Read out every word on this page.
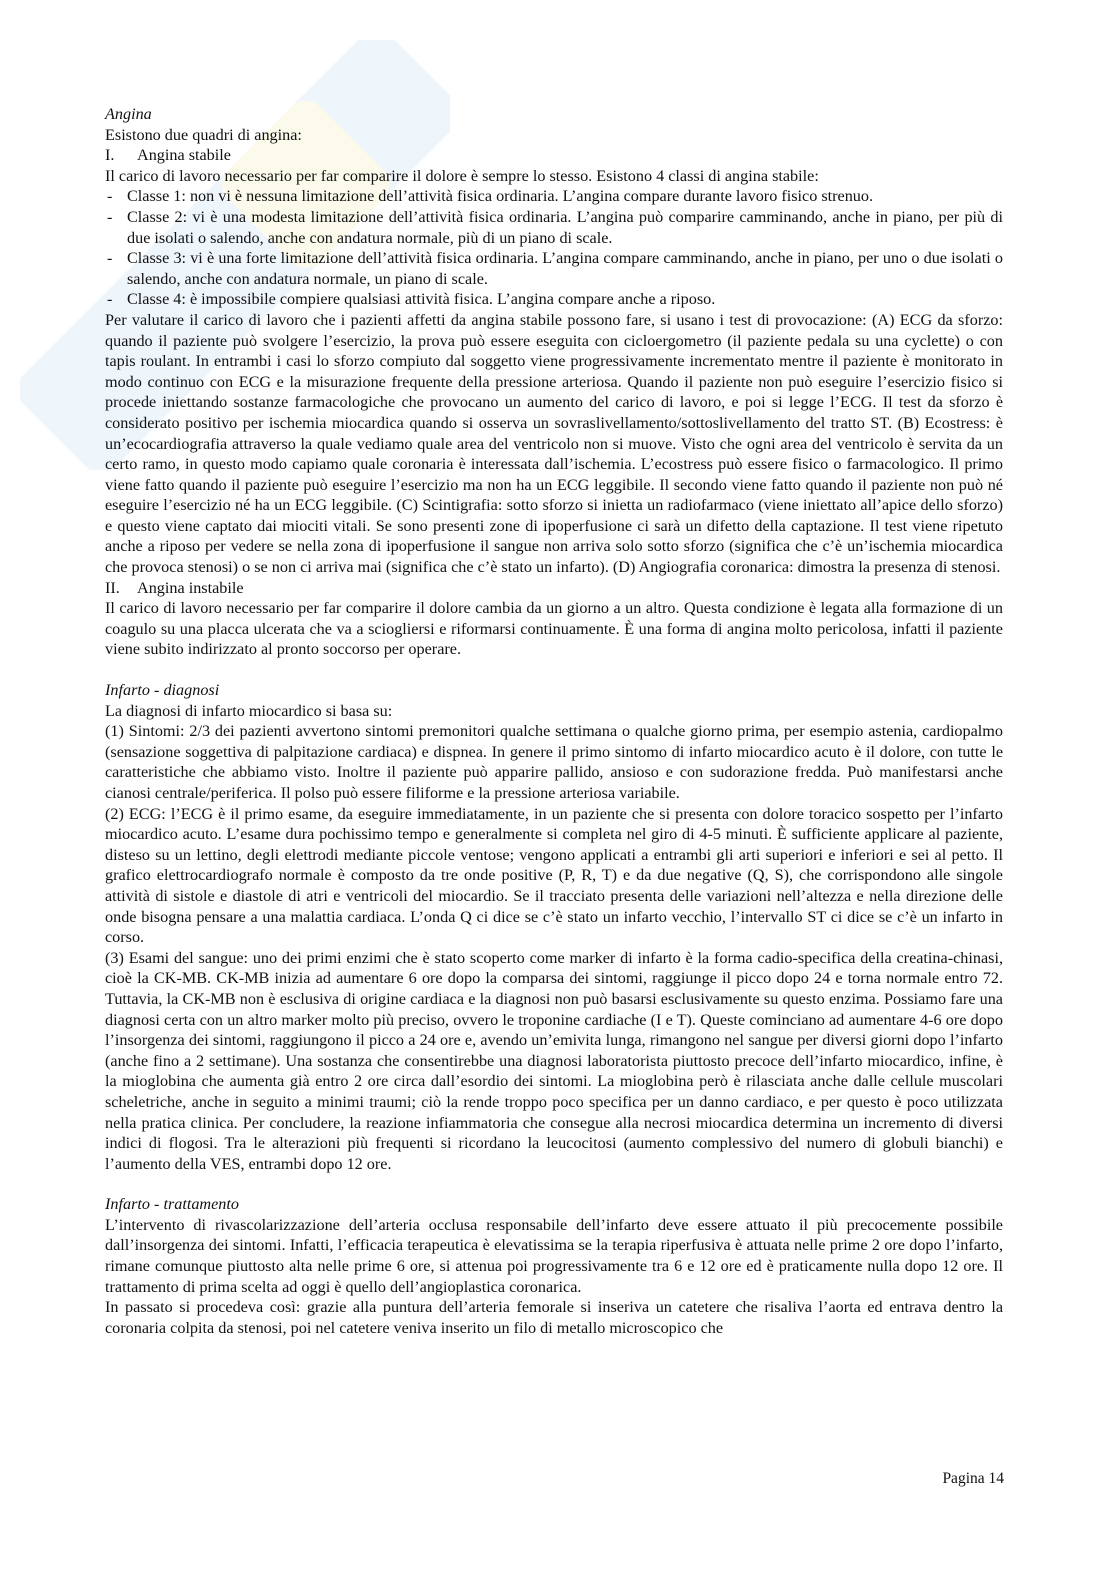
Angina

Esistono due quadri di angina:

I.	Angina stabile

Il carico di lavoro necessario per far comparire il dolore è sempre lo stesso. Esistono 4 classi di angina stabile:

- Classe 1: non vi è nessuna limitazione dell’attività fisica ordinaria. L’angina compare durante lavoro fisico strenuo.
- Classe 2: vi è una modesta limitazione dell’attività fisica ordinaria. L’angina può comparire camminando, anche in piano, per più di due isolati o salendo, anche con andatura normale, più di un piano di scale.
- Classe 3: vi è una forte limitazione dell’attività fisica ordinaria. L’angina compare camminando, anche in piano, per uno o due isolati o salendo, anche con andatura normale, un piano di scale.
- Classe 4: è impossibile compiere qualsiasi attività fisica. L’angina compare anche a riposo.

Per valutare il carico di lavoro che i pazienti affetti da angina stabile possono fare, si usano i test di provocazione: (A) ECG da sforzo: quando il paziente può svolgere l’esercizio, la prova può essere eseguita con cicloergometro (il paziente pedala su una cyclette) o con tapis roulant. In entrambi i casi lo sforzo compiuto dal soggetto viene progressivamente incrementato mentre il paziente è monitorato in modo continuo con ECG e la misurazione frequente della pressione arteriosa. Quando il paziente non può eseguire l’esercizio fisico si procede iniettando sostanze farmacologiche che provocano un aumento del carico di lavoro, e poi si legge l’ECG. Il test da sforzo è considerato positivo per ischemia miocardica quando si osserva un sovraslivellamento/sottoslivellamento del tratto ST. (B) Ecostress: è un’ecocardiografia attraverso la quale vediamo quale area del ventricolo non si muove. Visto che ogni area del ventricolo è servita da un certo ramo, in questo modo capiamo quale coronaria è interessata dall’ischemia. L’ecostress può essere fisico o farmacologico. Il primo viene fatto quando il paziente può eseguire l’esercizio ma non ha un ECG leggibile. Il secondo viene fatto quando il paziente non può né eseguire l’esercizio né ha un ECG leggibile. (C) Scintigrafia: sotto sforzo si inietta un radiofarmaco (viene iniettato all’apice dello sforzo) e questo viene captato dai miociti vitali. Se sono presenti zone di ipoperfusione ci sarà un difetto della captazione. Il test viene ripetuto anche a riposo per vedere se nella zona di ipoperfusione il sangue non arriva solo sotto sforzo (significa che c’è un’ischemia miocardica che provoca stenosi) o se non ci arriva mai (significa che c’è stato un infarto). (D) Angiografia coronarica: dimostra la presenza di stenosi.

II.	Angina instabile

Il carico di lavoro necessario per far comparire il dolore cambia da un giorno a un altro. Questa condizione è legata alla formazione di un coagulo su una placca ulcerata che va a sciogliersi e riformarsi continuamente. È una forma di angina molto pericolosa, infatti il paziente viene subito indirizzato al pronto soccorso per operare.

Infarto - diagnosi

La diagnosi di infarto miocardico si basa su:

(1) Sintomi: 2/3 dei pazienti avvertono sintomi premonitori qualche settimana o qualche giorno prima, per esempio astenia, cardiopalmo (sensazione soggettiva di palpitazione cardiaca) e dispnea. In genere il primo sintomo di infarto miocardico acuto è il dolore, con tutte le caratteristiche che abbiamo visto. Inoltre il paziente può apparire pallido, ansioso e con sudorazione fredda. Può manifestarsi anche cianosi centrale/periferica. Il polso può essere filiforme e la pressione arteriosa variabile.

(2) ECG: l’ECG è il primo esame, da eseguire immediatamente, in un paziente che si presenta con dolore toracico sospetto per l’infarto miocardico acuto. L’esame dura pochissimo tempo e generalmente si completa nel giro di 4-5 minuti. È sufficiente applicare al paziente, disteso su un lettino, degli elettrodi mediante piccole ventose; vengono applicati a entrambi gli arti superiori e inferiori e sei al petto. Il grafico elettrocardiografo normale è composto da tre onde positive (P, R, T) e da due negative (Q, S), che corrispondono alle singole attività di sistole e diastole di atri e ventricoli del miocardio. Se il tracciato presenta delle variazioni nell’altezza e nella direzione delle onde bisogna pensare a una malattia cardiaca. L’onda Q ci dice se c’è stato un infarto vecchio, l’intervallo ST ci dice se c’è un infarto in corso.

(3) Esami del sangue: uno dei primi enzimi che è stato scoperto come marker di infarto è la forma cadio-specifica della creatina-chinasi, cioè la CK-MB. CK-MB inizia ad aumentare 6 ore dopo la comparsa dei sintomi, raggiunge il picco dopo 24 e torna normale entro 72. Tuttavia, la CK-MB non è esclusiva di origine cardiaca e la diagnosi non può basarsi esclusivamente su questo enzima. Possiamo fare una diagnosi certa con un altro marker molto più preciso, ovvero le troponine cardiache (I e T). Queste cominciano ad aumentare 4-6 ore dopo l’insorgenza dei sintomi, raggiungono il picco a 24 ore e, avendo un’emivita lunga, rimangono nel sangue per diversi giorni dopo l’infarto (anche fino a 2 settimane). Una sostanza che consentirebbe una diagnosi laboratorista piuttosto precoce dell’infarto miocardico, infine, è la mioglobina che aumenta già entro 2 ore circa dall’esordio dei sintomi. La mioglobina però è rilasciata anche dalle cellule muscolari scheletriche, anche in seguito a minimi traumi; ciò la rende troppo poco specifica per un danno cardiaco, e per questo è poco utilizzata nella pratica clinica. Per concludere, la reazione infiammatoria che consegue alla necrosi miocardica determina un incremento di diversi indici di flogosi. Tra le alterazioni più frequenti si ricordano la leucocitosi (aumento complessivo del numero di globuli bianchi) e l’aumento della VES, entrambi dopo 12 ore.

Infarto - trattamento

L’intervento di rivascolarizzazione dell’arteria occlusa responsabile dell’infarto deve essere attuato il più precocemente possibile dall’insorgenza dei sintomi. Infatti, l’efficacia terapeutica è elevatissima se la terapia riperfusiva è attuata nelle prime 2 ore dopo l’infarto, rimane comunque piuttosto alta nelle prime 6 ore, si attenua poi progressivamente tra 6 e 12 ore ed è praticamente nulla dopo 12 ore. Il trattamento di prima scelta ad oggi è quello dell’angioplastica coronarica.

In passato si procedeva così: grazie alla puntura dell’arteria femorale si inseriva un catetere che risaliva l’aorta ed entrava dentro la coronaria colpita da stenosi, poi nel catetere veniva inserito un filo di metallo microscopico che

Pagina 14
